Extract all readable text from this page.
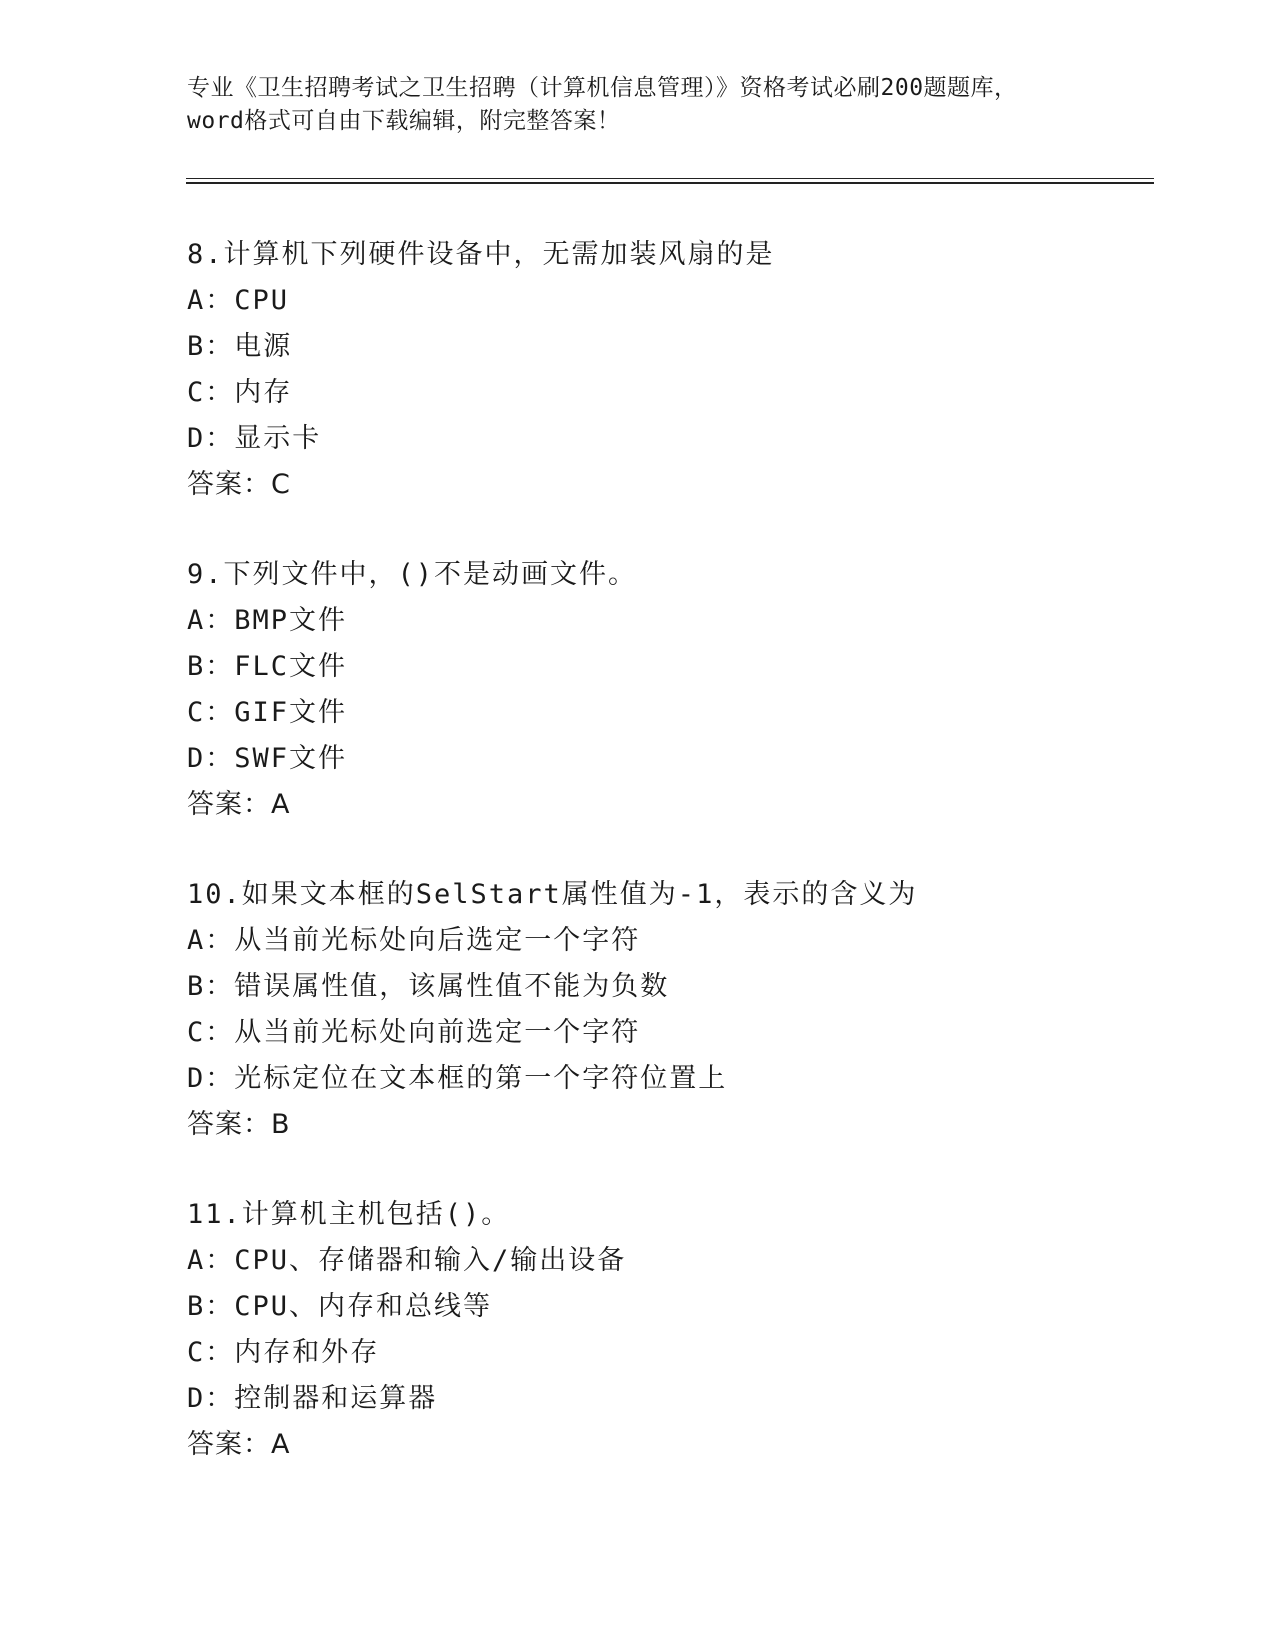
专业《卫生招聘考试之卫生招聘（计算机信息管理）》资格考试必刷200题题库，
word格式可自由下载编辑，附完整答案！
8.计算机下列硬件设备中，无需加装风扇的是
A：CPU
B：电源
C：内存
D：显示卡
答案：C
9.下列文件中，()不是动画文件。
A：BMP文件
B：FLC文件
C：GIF文件
D：SWF文件
答案：A
10.如果文本框的SelStart属性值为-1，表示的含义为
A：从当前光标处向后选定一个字符
B：错误属性值，该属性值不能为负数
C：从当前光标处向前选定一个字符
D：光标定位在文本框的第一个字符位置上
答案：B
11.计算机主机包括()。
A：CPU、存储器和输入/输出设备
B：CPU、内存和总线等
C：内存和外存
D：控制器和运算器
答案：A
